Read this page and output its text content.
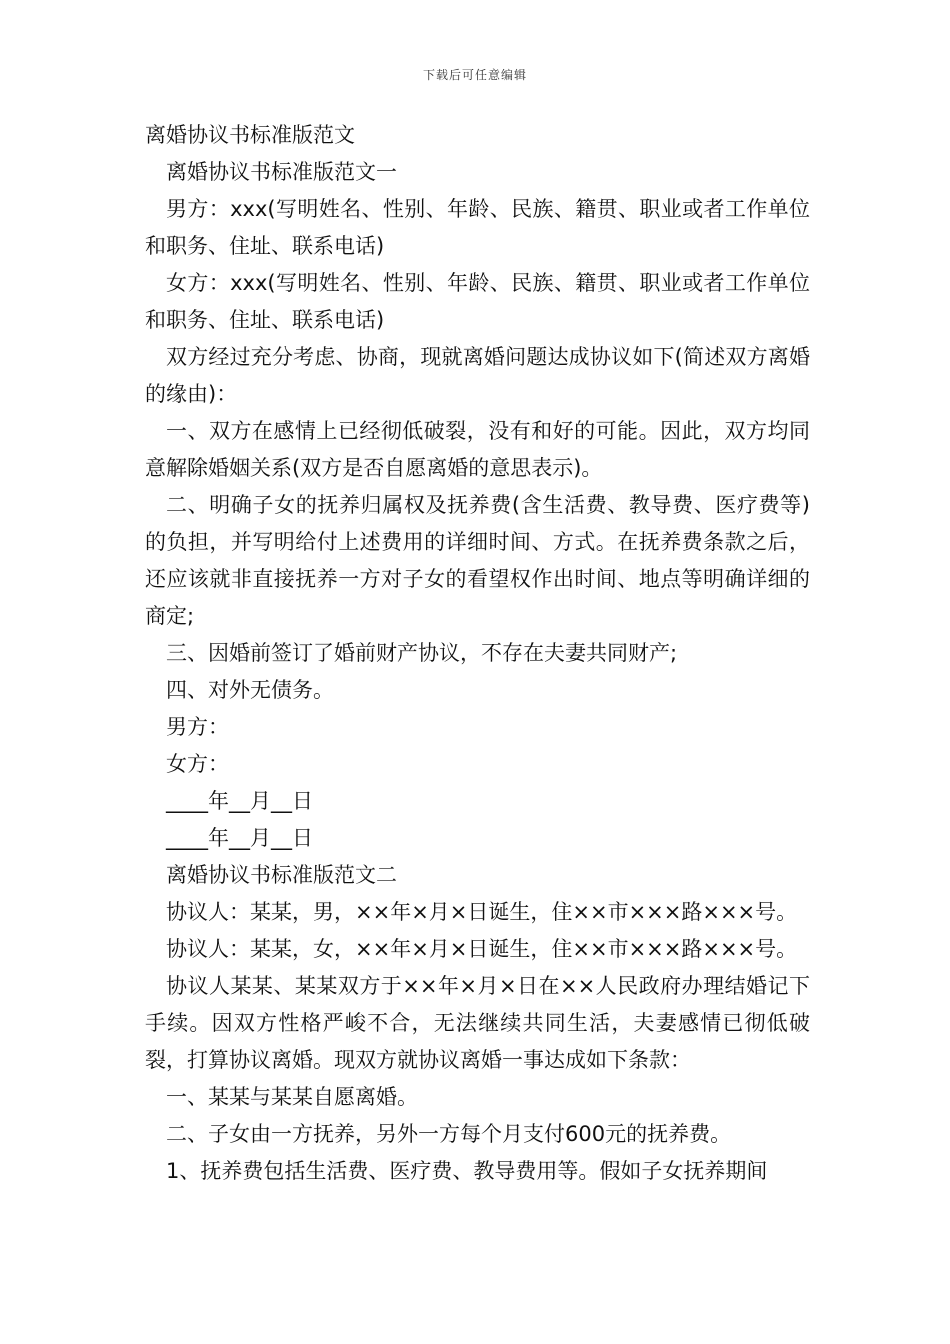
下载后可任意编辑

离婚协议书标准版范文

离婚协议书标准版范文一

男方：xxx(写明姓名、性别、年龄、民族、籍贯、职业或者工作单位和职务、住址、联系电话)

女方：xxx(写明姓名、性别、年龄、民族、籍贯、职业或者工作单位和职务、住址、联系电话)

双方经过充分考虑、协商，现就离婚问题达成协议如下(简述双方离婚的缘由)：

一、双方在感情上已经彻低破裂，没有和好的可能。因此，双方均同意解除婚姻关系(双方是否自愿离婚的意思表示)。

二、明确子女的抚养归属权及抚养费(含生活费、教导费、医疗费等)的负担，并写明给付上述费用的详细时间、方式。在抚养费条款之后，还应该就非直接抚养一方对子女的看望权作出时间、地点等明确详细的商定;

三、因婚前签订了婚前财产协议，不存在夫妻共同财产;

四、对外无债务。

男方：

女方：

____年__月__日

____年__月__日

离婚协议书标准版范文二

协议人：某某，男，××年×月×日诞生，住××市×××路×××号。

协议人：某某，女，××年×月×日诞生，住××市×××路×××号。

协议人某某、某某双方于××年×月×日在××人民政府办理结婚记下手续。因双方性格严峻不合，无法继续共同生活，夫妻感情已彻低破裂，打算协议离婚。现双方就协议离婚一事达成如下条款：

一、某某与某某自愿离婚。

二、子女由一方抚养，另外一方每个月支付600元的抚养费。

1、抚养费包括生活费、医疗费、教导费用等。假如子女抚养期间
